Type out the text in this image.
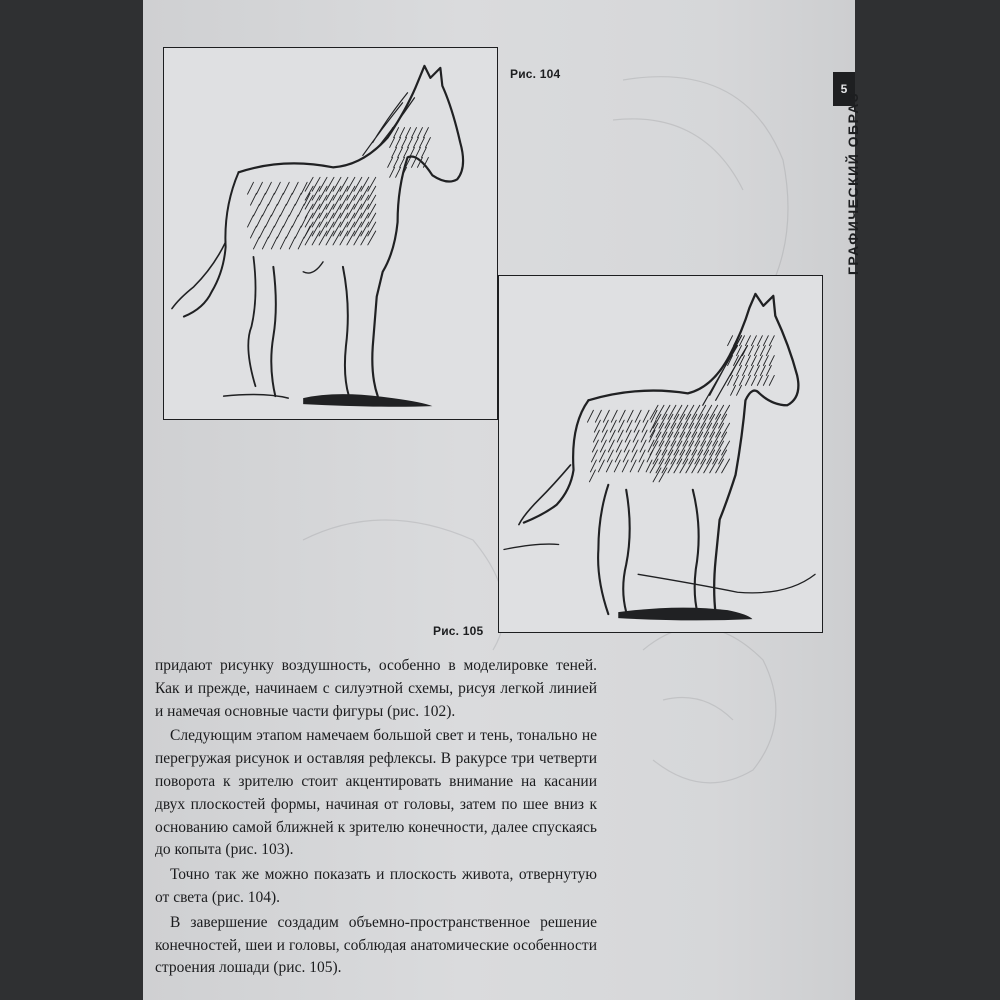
Рис. 104
Рис. 105

придают рисунку воздушность, особенно в моделировке теней. Как и прежде, начинаем с силуэтной схемы, рисуя легкой линией и намечая основные части фигуры (рис. 102).

Следующим этапом намечаем большой свет и тень, тонально не перегружая рисунок и оставляя рефлексы. В ракурсе три четверти поворота к зрителю стоит акцентировать внимание на касании двух плоскостей формы, начиная от головы, затем по шее вниз к основанию самой ближней к зрителю конечности, далее спускаясь до копыта (рис. 103).

Точно так же можно показать и плоскость живота, отвернутую от света (рис. 104).

В завершение создадим объемно-пространственное решение конечностей, шеи и головы, соблюдая анатомические особенности строения лошади (рис. 105).

5
ГРАФИЧЕСКИЙ ОБРАЗ
